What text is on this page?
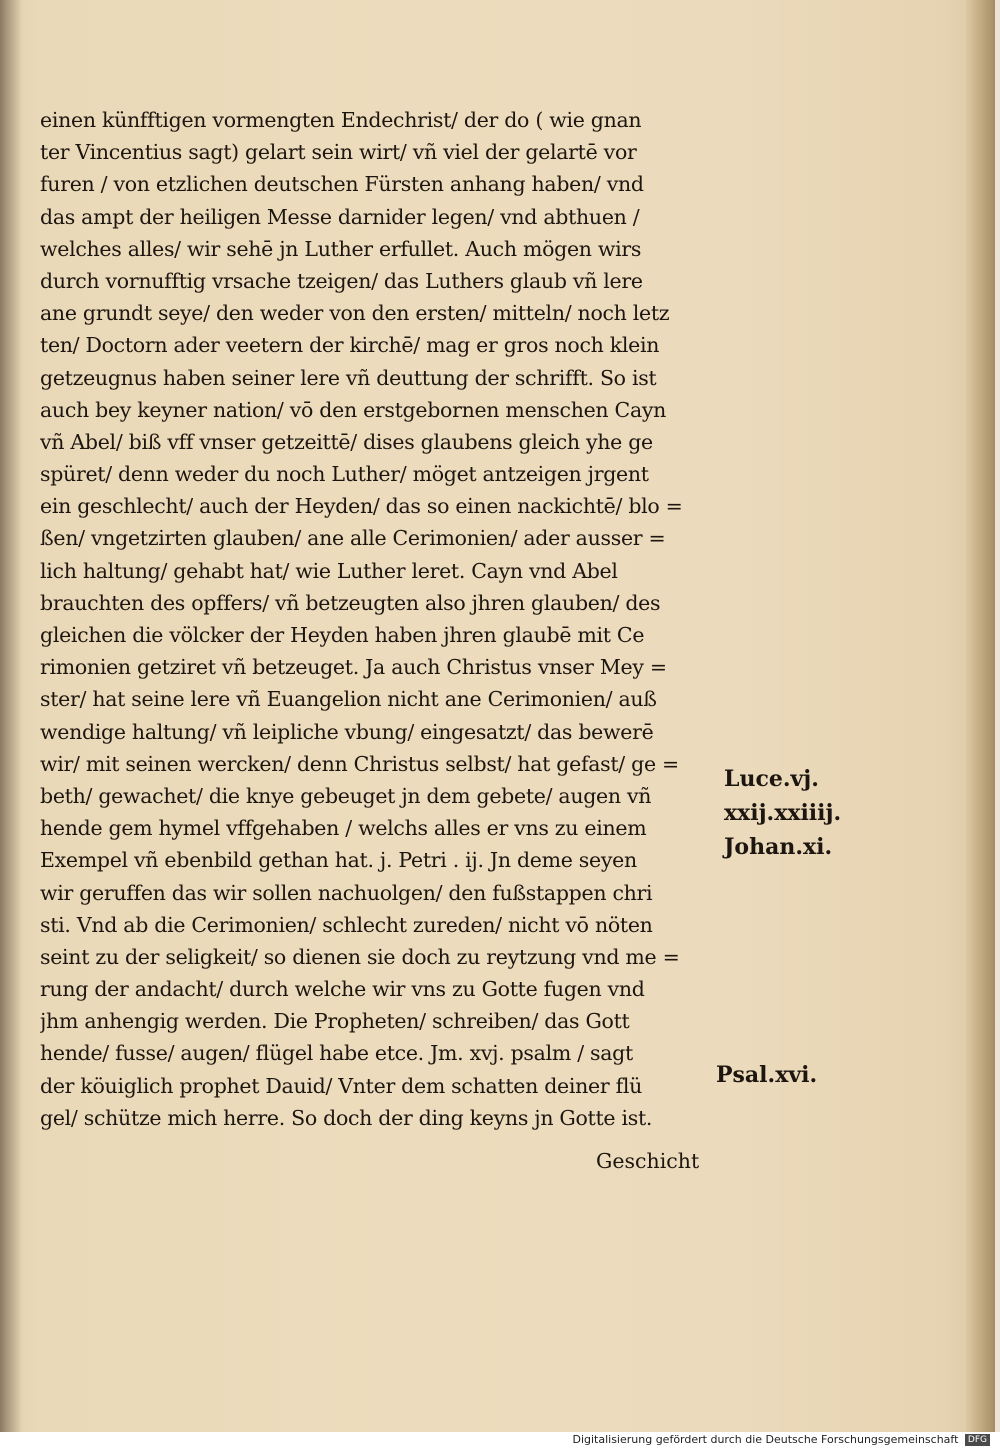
einen künfftigen vormengten Endechrist/ der do ( wie gnan
ter Vincentius sagt) gelart sein wirt/ vñ viel der gelartē vor
furen / von etzlichen deutschen Fürsten anhang haben/ vnd
das ampt der heiligen Messe darnider legen/ vnd abthuen /
welches alles/ wir sehē jn Luther erfullet. Auch mögen wirs
durch vornufftig vrsache tzeigen/ das Luthers glaub vñ lere
ane grundt seye/ den weder von den ersten/ mitteln/ noch letz
ten/ Doctorn ader veetern der kirchē/ mag er gros noch klein
getzeugnus haben seiner lere vñ deuttung der schrifft. So ist
auch bey keyner nation/ vō den erstgebornen menschen Cayn
vñ Abel/ biß vff vnser getzeittē/ dises glaubens gleich yhe ge
spüret/ denn weder du noch Luther/ möget antzeigen jrgent
ein geschlecht/ auch der Heyden/ das so einen nackichtē/ blo =
ßen/ vngetzirten glauben/ ane alle Cerimonien/ ader ausser =
lich haltung/ gehabt hat/ wie Luther leret. Cayn vnd Abel
brauchten des opffers/ vñ betzeugten also jhren glauben/ des
gleichen die völcker der Heyden haben jhren glaubē mit Ce
rimonien getziret vñ betzeuget. Ja auch Christus vnser Mey =
ster/ hat seine lere vñ Euangelion nicht ane Cerimonien/ auß
wendige haltung/ vñ leipliche vbung/ eingesatzt/ das bewerē
wir/ mit seinen wercken/ denn Christus selbst/ hat gefast/ ge =
beth/ gewachet/ die knye gebeuget jn dem gebete/ augen vñ
hende gem hymel vffgehaben / welchs alles er vns zu einem
Exempel vñ ebenbild gethan hat. j. Petri . ij. Jn deme seyen
wir geruffen das wir sollen nachuolgen/ den fußstappen chri
sti. Vnd ab die Cerimonien/ schlecht zureden/ nicht vō nöten
seint zu der seligkeit/ so dienen sie doch zu reytzung vnd me =
rung der andacht/ durch welche wir vns zu Gotte fugen vnd
jhm anhengig werden. Die Propheten/ schreiben/ das Gott
hende/ fusse/ augen/ flügel habe etce. Jm. xvj. psalm / sagt
der köuiglich prophet Dauid/ Vnter dem schatten deiner flü
gel/ schütze mich herre. So doch der ding keyns jn Gotte ist.
Geschicht
Luce.vj.
xxij.xxiiij.
Johan.xi.
Psal.xvi.
Digitalisierung gefördert durch die Deutsche Forschungsgemeinschaft DFG
